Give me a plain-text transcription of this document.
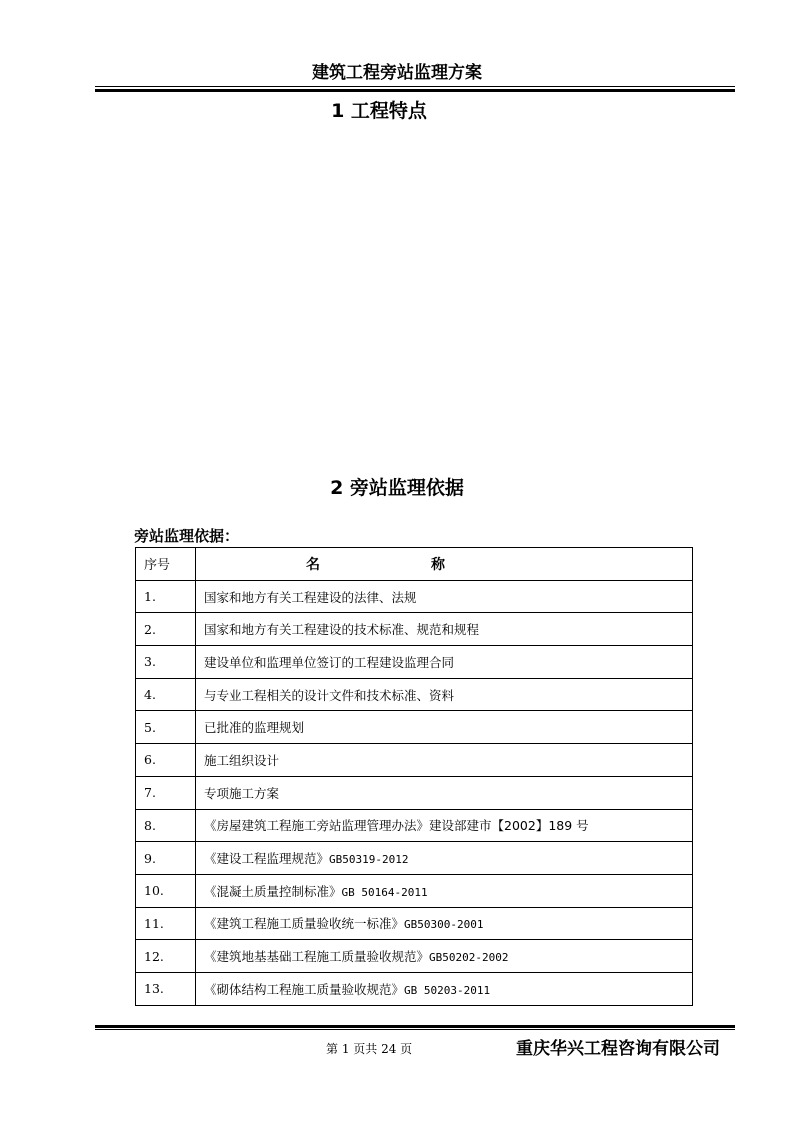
建筑工程旁站监理方案
1 工程特点
2 旁站监理依据
旁站监理依据：
序号	名 称

1.	国家和地方有关工程建设的法律、法规
2.	国家和地方有关工程建设的技术标准、规范和规程
3.	建设单位和监理单位签订的工程建设监理合同
4.	与专业工程相关的设计文件和技术标准、资料
5.	已批准的监理规划
6.	施工组织设计
7.	专项施工方案
8.	《房屋建筑工程施工旁站监理管理办法》建设部建市【2002】189 号
9.	《建设工程监理规范》GB50319-2012
10.	《混凝土质量控制标准》GB 50164-2011
11.	《建筑工程施工质量验收统一标准》GB50300-2001
12.	《建筑地基基础工程施工质量验收规范》GB50202-2002
13.	《砌体结构工程施工质量验收规范》GB 50203-2011
第 1 页共 24 页	重庆华兴工程咨询有限公司
